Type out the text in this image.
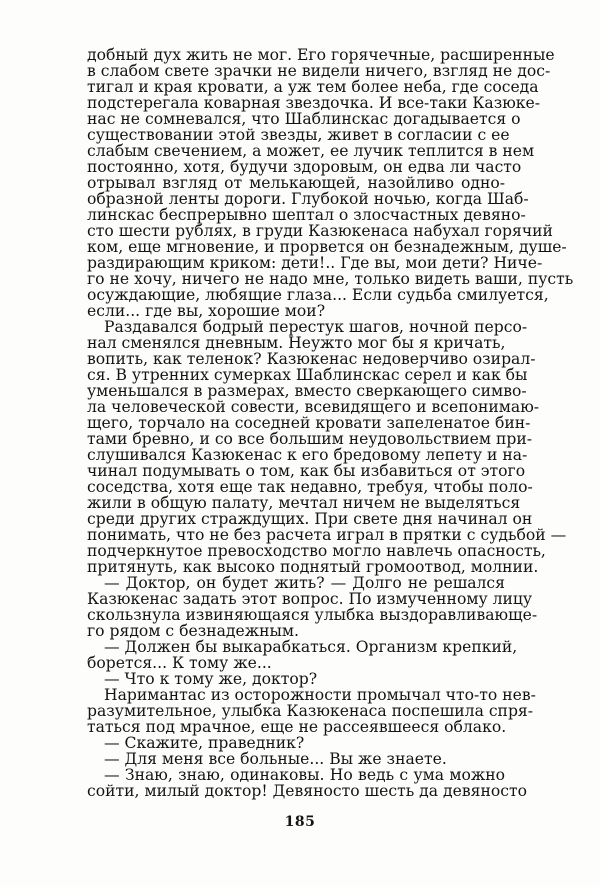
добный дух жить не мог. Его горячечные, расширенные
в слабом свете зрачки не видели ничего, взгляд не дос-
тигал и края кровати, а уж тем более неба, где соседа
подстерегала коварная звездочка. И все-таки Казюке-
нас не сомневался, что Шаблинскас догадывается о
существовании этой звезды, живет в согласии с ее
слабым свечением, а может, ее лучик теплится в нем
постоянно, хотя, будучи здоровым, он едва ли часто
отрывал взгляд от мелькающей, назойливо одно-
образной ленты дороги. Глубокой ночью, когда Шаб-
линскас беспрерывно шептал о злосчастных девяно-
сто шести рублях, в груди Казюкенаса набухал горячий
ком, еще мгновение, и прорвется он безнадежным, душе-
раздирающим криком: дети!.. Где вы, мои дети? Ниче-
го не хочу, ничего не надо мне, только видеть ваши, пусть
осуждающие, любящие глаза... Если судьба смилуется,
если... где вы, хорошие мои?
Раздавался бодрый перестук шагов, ночной персо-
нал сменялся дневным. Неужто мог бы я кричать,
вопить, как теленок? Казюкенас недоверчиво озирал-
ся. В утренних сумерках Шаблинскас серел и как бы
уменьшался в размерах, вместо сверкающего симво-
ла человеческой совести, всевидящего и всепонимаю-
щего, торчало на соседней кровати запеленатое бин-
тами бревно, и со все большим неудовольствием при-
слушивался Казюкенас к его бредовому лепету и на-
чинал подумывать о том, как бы избавиться от этого
соседства, хотя еще так недавно, требуя, чтобы поло-
жили в общую палату, мечтал ничем не выделяться
среди других страждущих. При свете дня начинал он
понимать, что не без расчета играл в прятки с судьбой —
подчеркнутое превосходство могло навлечь опасность,
притянуть, как высоко поднятый громоотвод, молнии.
— Доктор, он будет жить? — Долго не решался
Казюкенас задать этот вопрос. По измученному лицу
скользнула извиняющаяся улыбка выздоравливающе-
го рядом с безнадежным.
— Должен бы выкарабкаться. Организм крепкий,
борется... К тому же...
— Что к тому же, доктор?
Наримантас из осторожности промычал что-то нев-
разумительное, улыбка Казюкенаса поспешила спря-
таться под мрачное, еще не рассеявшееся облако.
— Скажите, праведник?
— Для меня все больные... Вы же знаете.
— Знаю, знаю, одинаковы. Но ведь с ума можно
сойти, милый доктор! Девяносто шесть да девяносто
185
